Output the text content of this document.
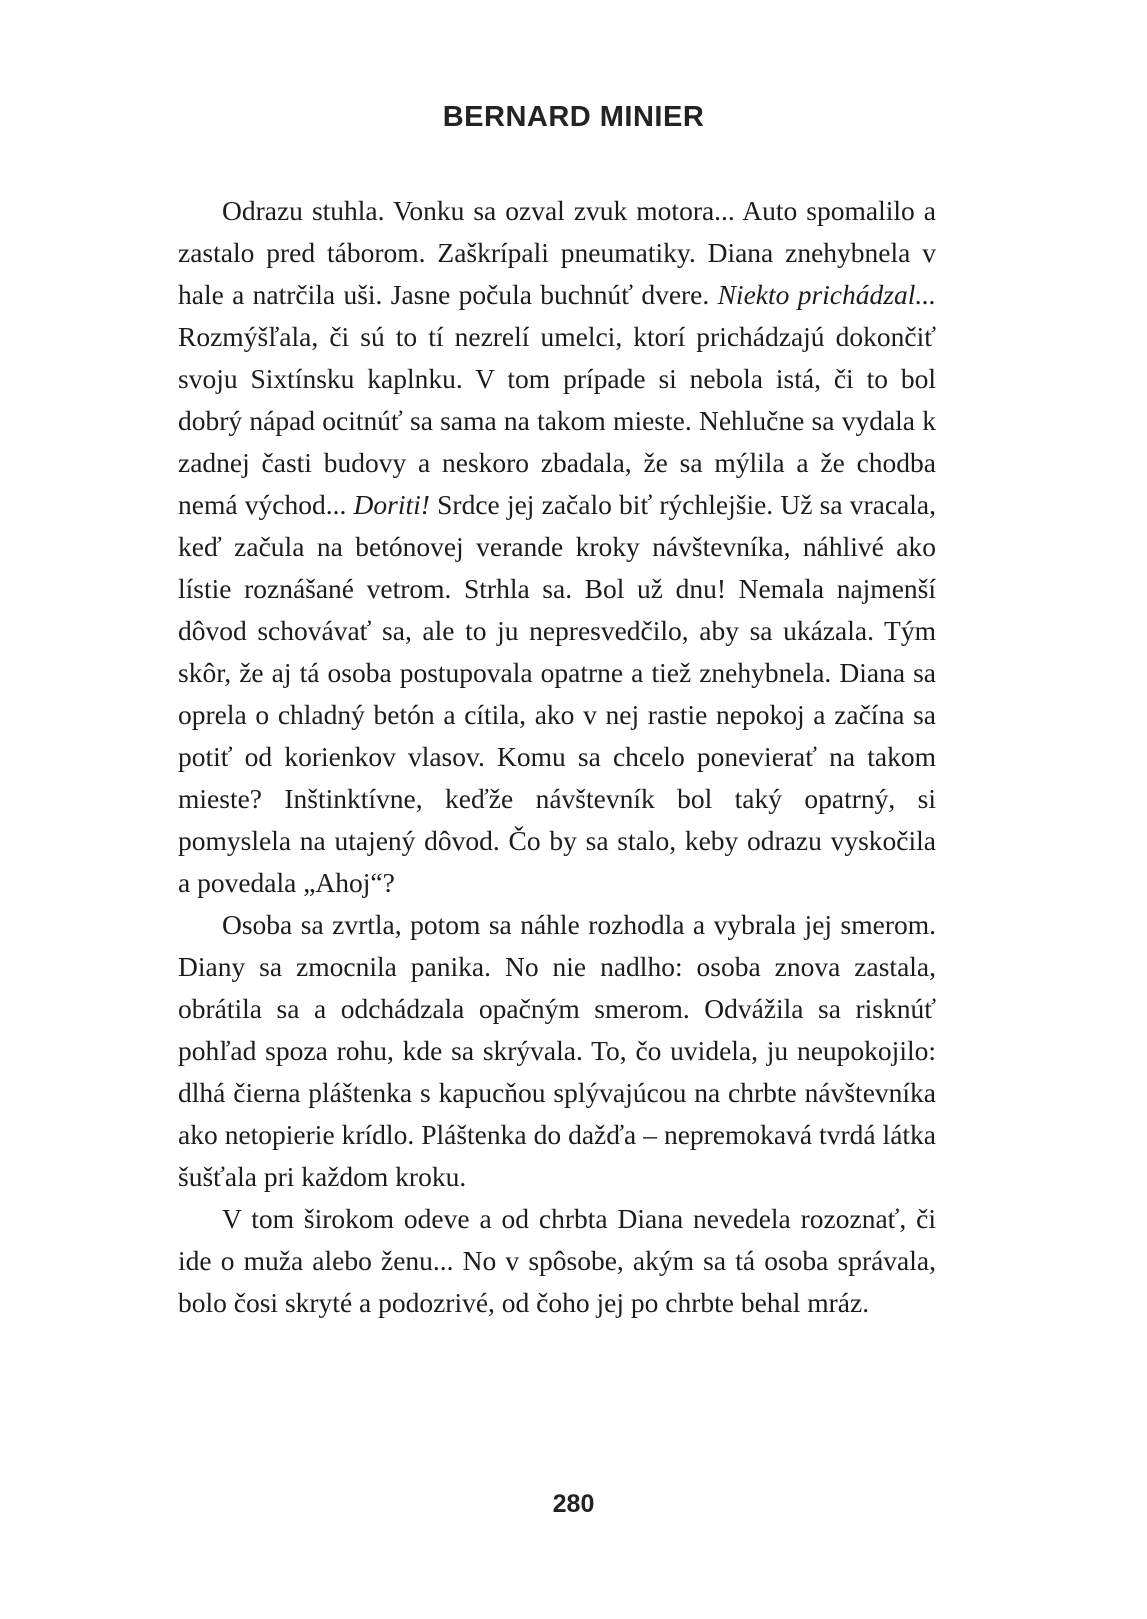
BERNARD MINIER

Odrazu stuhla. Vonku sa ozval zvuk motora... Auto spomalilo a zastalo pred táborom. Zaškrípali pneumatiky. Diana znehybnela v hale a natrčila uši. Jasne počula buchnúť dvere. Niekto prichádzal... Rozmýšľala, či sú to tí nezrelí umelci, ktorí prichádzajú dokončiť svoju Sixtínsku kaplnku. V tom prípade si nebola istá, či to bol dobrý nápad ocitnúť sa sama na takom mieste. Nehlučne sa vydala k zadnej časti budovy a neskoro zbadala, že sa mýlila a že chodba nemá východ... Doriti! Srdce jej začalo biť rýchlejšie. Už sa vracala, keď začula na betónovej verande kroky návštevníka, náhlivé ako lístie roznášané vetrom. Strhla sa. Bol už dnu! Nemala najmenší dôvod schovávať sa, ale to ju nepresvedčilo, aby sa ukázala. Tým skôr, že aj tá osoba postupovala opatrne a tiež znehybnela. Diana sa oprela o chladný betón a cítila, ako v nej rastie nepokoj a začína sa potiť od korienkov vlasov. Komu sa chcelo ponevierať na takom mieste? Inštinktívne, keďže návštevník bol taký opatrný, si pomyslela na utajený dôvod. Čo by sa stalo, keby odrazu vyskočila a povedala „Ahoj“?

Osoba sa zvrtla, potom sa náhle rozhodla a vybrala jej smerom. Diany sa zmocnila panika. No nie nadlho: osoba znova zastala, obrátila sa a odchádzala opačným smerom. Odvážila sa risknúť pohľad spoza rohu, kde sa skrývala. To, čo uvidela, ju neupokojilo: dlhá čierna pláštenka s kapucňou splývajúcou na chrbte návštevníka ako netopierie krídlo. Pláštenka do dažďa – nepremokavá tvrdá látka šušťala pri každom kroku.

V tom širokom odeve a od chrbta Diana nevedela rozoznať, či ide o muža alebo ženu... No v spôsobe, akým sa tá osoba správala, bolo čosi skryté a podozrivé, od čoho jej po chrbte behal mráz.

280
